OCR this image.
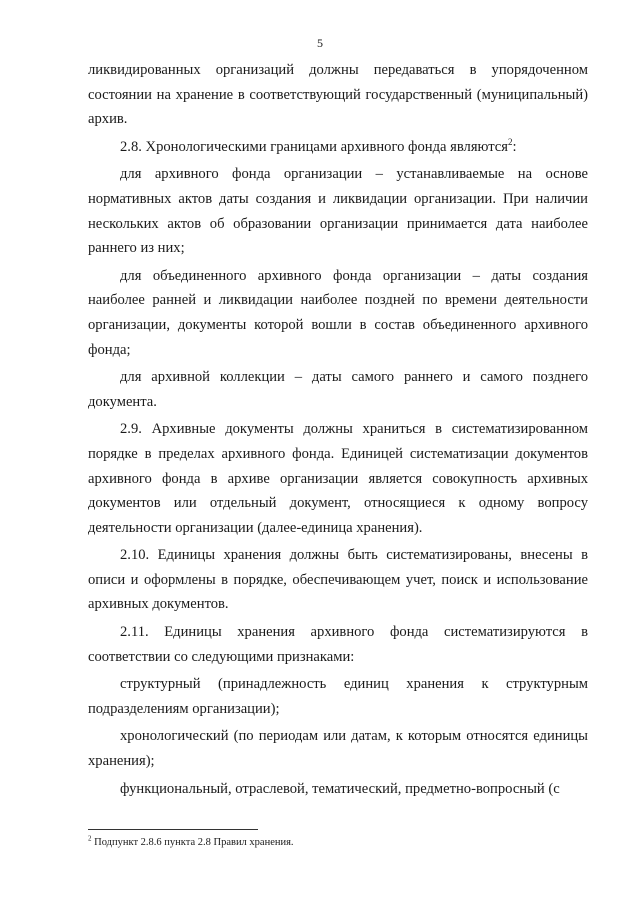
5

ликвидированных организаций должны передаваться в упорядоченном состоянии на хранение в соответствующий государственный (муниципальный) архив.

2.8. Хронологическими границами архивного фонда являются$^2$:

для архивного фонда организации – устанавливаемые на основе нормативных актов даты создания и ликвидации организации. При наличии нескольких актов об образовании организации принимается дата наиболее раннего из них;

для объединенного архивного фонда организации – даты создания наиболее ранней и ликвидации наиболее поздней по времени деятельности организации, документы которой вошли в состав объединенного архивного фонда;

для архивной коллекции – даты самого раннего и самого позднего документа.

2.9. Архивные документы должны храниться в систематизированном порядке в пределах архивного фонда. Единицей систематизации документов архивного фонда в архиве организации является совокупность архивных документов или отдельный документ, относящиеся к одному вопросу деятельности организации (далее-единица хранения).

2.10. Единицы хранения должны быть систематизированы, внесены в описи и оформлены в порядке, обеспечивающем учет, поиск и использование архивных документов.

2.11. Единицы хранения архивного фонда систематизируются в соответствии со следующими признаками:

структурный (принадлежность единиц хранения к структурным подразделениям организации);

хронологический (по периодам или датам, к которым относятся единицы хранения);

функциональный, отраслевой, тематический, предметно-вопросный (с

$^2$ Подпункт 2.8.6 пункта 2.8 Правил хранения.
